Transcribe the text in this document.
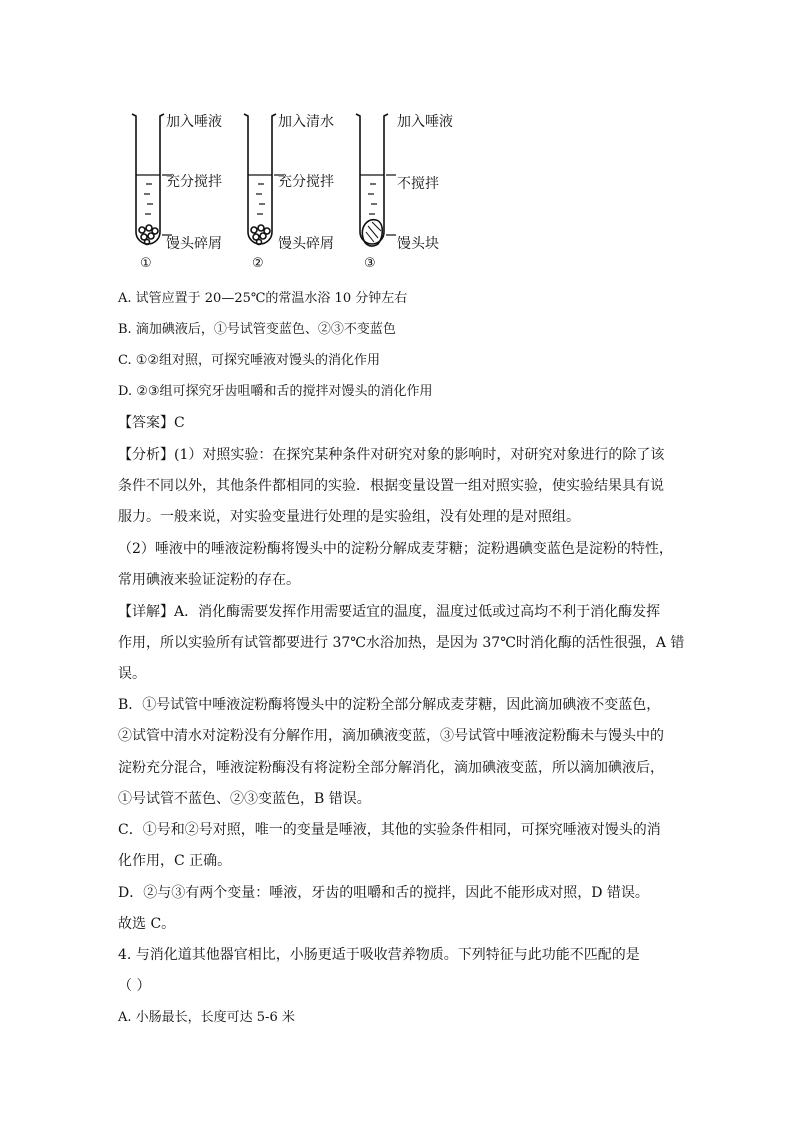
加入唾液
充分搅拌
馒头碎屑
①
加入清水
充分搅拌
馒头碎屑
②
加入唾液
不搅拌
馒头块
③
A. 试管应置于 20—25℃的常温水浴 10 分钟左右
B. 滴加碘液后，①号试管变蓝色、②③不变蓝色
C. ①②组对照，可探究唾液对馒头的消化作用
D. ②③组可探究牙齿咀嚼和舌的搅拌对馒头的消化作用
【答案】C
【分析】(1）对照实验：在探究某种条件对研究对象的影响时，对研究对象进行的除了该
条件不同以外，其他条件都相同的实验．根据变量设置一组对照实验，使实验结果具有说
服力。一般来说，对实验变量进行处理的是实验组，没有处理的是对照组。
（2）唾液中的唾液淀粉酶将馒头中的淀粉分解成麦芽糖；淀粉遇碘变蓝色是淀粉的特性，
常用碘液来验证淀粉的存在。
【详解】A．消化酶需要发挥作用需要适宜的温度，温度过低或过高均不利于消化酶发挥
作用，所以实验所有试管都要进行 37℃水浴加热，是因为 37℃时消化酶的活性很强，A 错
误。
B．①号试管中唾液淀粉酶将馒头中的淀粉全部分解成麦芽糖，因此滴加碘液不变蓝色，
②试管中清水对淀粉没有分解作用，滴加碘液变蓝，③号试管中唾液淀粉酶未与馒头中的
淀粉充分混合，唾液淀粉酶没有将淀粉全部分解消化，滴加碘液变蓝，所以滴加碘液后，
①号试管不蓝色、②③变蓝色，B 错误。
C．①号和②号对照，唯一的变量是唾液，其他的实验条件相同，可探究唾液对馒头的消
化作用，C 正确。
D．②与③有两个变量：唾液，牙齿的咀嚼和舌的搅拌，因此不能形成对照，D 错误。
故选 C。
4. 与消化道其他器官相比，小肠更适于吸收营养物质。下列特征与此功能不匹配的是
（ ）
A. 小肠最长，长度可达 5-6 米
